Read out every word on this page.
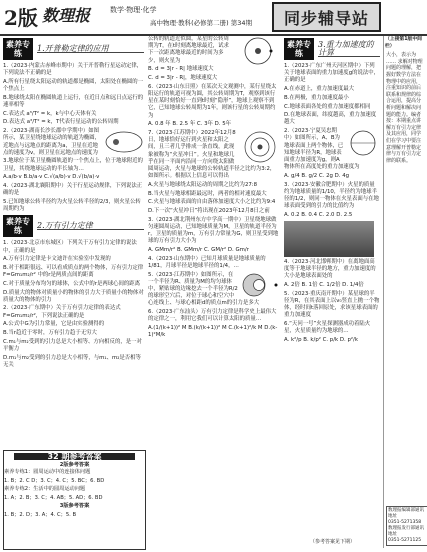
2版 数理报	数学·物理·化学
高中物理·教科(必修第二册) 第34期	同步辅导站
素养专练
1.开普勒定律的应用

1.（2023·内蒙古赤峰市期中）关于开普勒行星运动定律，下列说法不正确的是

A.所有行星绕太阳运动的轨道都是椭圆，太阳处在椭圆的一个焦点上

B.地球绕太阳在椭圆轨道上运行，在近日点和远日点运行的速率相等

C.表达式 a³/T² = k，k与中心天体有关

D.表达式 a³/T² = k，T代表行星运动的公转周期

2.（2023·湖南长沙长郡中学期中）如图所示，某卫星绕地球运动的轨道为椭圆，近地点与远地点的距离为a，卫星在近地点的速度为v，则卫星在远地点的速度为

3.地球位于某卫星椭圆轨道的一个焦点上，位于地球附近的卫星，其绕地球运动的半长轴为…

A.a/b·v B.b/a·v C.√(a/b)·v D.√(b/a)·v

4.（2023·湖北襄阳期中）关于行星运动规律，下列说法正确的是

5.已知地球公转半径约为火星公转半径的2/3，则火星公转周期约为

素养专练
2.万有引力定律

1.（2023·北京市东城区）下列关于万有引力定律的说法中，正确的是

A.万有引力定律是卡文迪许在实验室中发现的

B.对于相距很远、可以看成质点的两个物体，万有引力定律 F=Gm₁m₂/r² 中的r是两质点间的距离

C.对于质量分布均匀的球体，公式中的r是两球心间的距离

D.质量大的物体对质量小的物体的引力大于质量小的物体对质量大的物体的引力

2.（2023·广东期中）关于万有引力定律的表达式 F=Gm₁m₂/r²，下列说法正确的是

A.公式中G为引力常量，它是由实验测得的

B.当r趋近于零时，万有引力趋于无穷大

C.m₁与m₂受到的引力总是大小相等、方向相反的，是一对平衡力

D.m₁与m₂受到的引力总是大小相等，与m₁、m₂是否相等无关

32 期参考答案
2版参考答案

素养专练1：圆周运动中的连接体问题

1. B；2. C D；3. C；4. C；5. BC；6. BD

素养专练2：生活中的圆周运动问题

1. A；2. B；3. C；4. AB；5. AD；6. BD

3版参考答案

1. B；2. D；3. A；4. C；5. B

公转的轨道近似圆，某星的公转周期为T，在t时刻离地球最近，试求下一次距离地球最近的时间为多少，则火星为

B. d = 3|r - R| 地球速度大

C. d = 3|r - R|，地球速度大

6.（2023·山东日照）在某次天文观测中，某行星绕太阳运行的轨道可视为圆，其公转周期为T，观察到该行星在某时刻恰好一直到t时刻“隐形”，地球上观察不到它，已知地球公转周期为1年，则该行星的公转周期约为

A. 0.8 年 B. 2.5 年 C. 3年 D. 5年

7.（2023·江苏期中）2022年12月8日，地球恰好运行到火星和太阳之间，且三者几乎排成一条直线，此现象被称为“火星冲日”。火星和地球几乎在同一平面内沿同一方向绕太阳做圆周运动，火星与地球的公转轨道半径之比约为3:2，如图所示。根据以上信息可以得出

A.火星与地球绕太阳运动的周期之比约为27:8

B.当火星与地球相距最远时，两者的相对速度最大

C.火星与地球表面的自由落体加速度大小之比约为9:4

D.下一次“火星冲日”将出现在2023年12月8日之前

3.（2023·湖北荆州东方中学高一期中）卫星绕地球做匀速圆周运动，已知地球质量为M，卫星的轨道半径为r，卫星的质量为m，万有引力常量为G，则卫星受到地球的万有引力大小为

A. GMm/r² B. GMm/r C. GM/r² D. Gm/r

4.（2023·山东期中）已知月球质量是地球质量的1/81，月球半径是地球半径的1/4，…

5.（2023·江苏期中）如图所示，在一个半径为R、质量为M的均匀球体中，紧贴球的边缘挖去一个半径为R/2的球形空穴后，对位于球心和空穴中心连线上、与球心相距d的质点m的引力是多大

6.（2023·广东汕头）万有引力定律是科学史上最伟大的定律之一，利用它我们可以计算太阳的质量…

A.(1/(k+1))² M B.(k/(k+1))² M C.(k+1)²/k M D.(k-1)²M/k

素养专练
3.重力加速度的计算

1.（2023·广东广州天河区期中）下列关于地球表面的重力加速度g的说法中，正确的是

A.在赤道上，重力加速度最大

B.在两极，重力加速度最小

C.地球表面各处的重力加速度都相同

D.在地球表面，纬度越高，重力加速度越大

2.（2023·宁夏吴忠期中）如图所示，A、B为地球表面上两个物体，已知地球半径为R，地球表面重力加速度为g，则A物体所在高度处的重力加速度为

A. g/4 B. g/2 C. 2g D. 4g

3.（2023·安徽合肥期中）火星的质量约为地球质量的1/10，半径约为地球半径的1/2，则同一物体在火星表面与在地球表面受到的引力的比值约为

A. 0.2 B. 0.4 C. 2.0 D. 2.5

4.（2023·河北邯郸期中）在离地面高度等于地球半径的地方，重力加速度的大小是地球表面处的

A. 2倍 B. 1倍 C. 1/2倍 D. 1/4倍

5.（2023·重庆南开期中）某星球的半径为R，在其表面上以v₀竖直上抛一个物体，经时间t落回原处，求该星球表面的重力加速度

6.“天问一号”火星探测器成功着陆火星，火星质量约为地球的…

A. k²/p B. k/p² C. p/k D. p²/k

（参考答案见下期）
（上接第1版中间栏）
大小，表示为 …… 求解对物理问题的理解，把握好数学方法在物理中的应用，注重知识的前后联系和规律的综合运用，提高分析问题和解决问题的能力。编者按：本期重点讲解万有引力定律及其应用，同学们在学习中要注意理解开普勒定律与万有引力定律的联系。
数理报编辑部通讯地址
0351-5271358
数理报发行部通讯地址
0351-5271125
